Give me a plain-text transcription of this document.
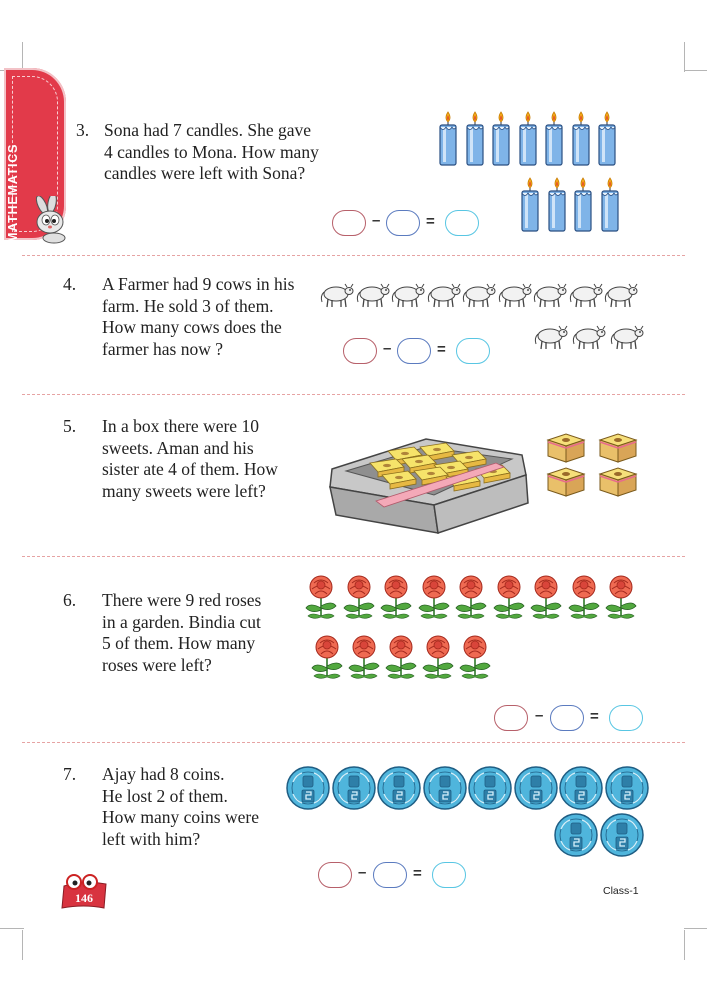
MATHEMATICS
3. Sona had 7 candles. She gave
4 candles to Mona. How many
candles were left with Sona?
–	=
4. A Farmer had 9 cows in his
farm. He sold 3 of them.
How many cows does the
farmer has now ?	–	=
5. In a box there were 10
sweets. Aman and his
sister ate 4 of them. How
many sweets were left?
6. There were 9 red roses
in a garden. Bindia cut
5 of them. How many
roses were left?
–	=
7. Ajay had 8 coins.
He lost 2 of them.
How many coins were
left with him?
–	=
146	Class-1
